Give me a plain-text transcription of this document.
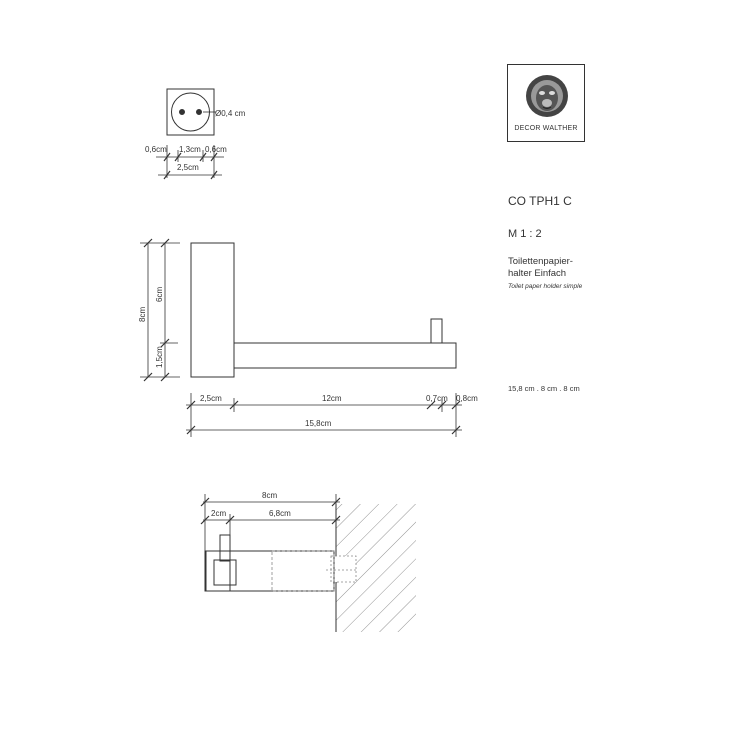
Ø0,4 cm
0,6cm 1,3cm 0,6cm
2,5cm
8cm
6cm
1,5cm
2,5cm	12cm	0,7cm 0,8cm
15,8cm
8cm
6,8cm
2cm
DECOR WALTHER
CO TPH1 C
M 1 : 2
Toilettenpapier-
halter Einfach
Toilet paper holder simple
15,8 cm . 8 cm . 8 cm
